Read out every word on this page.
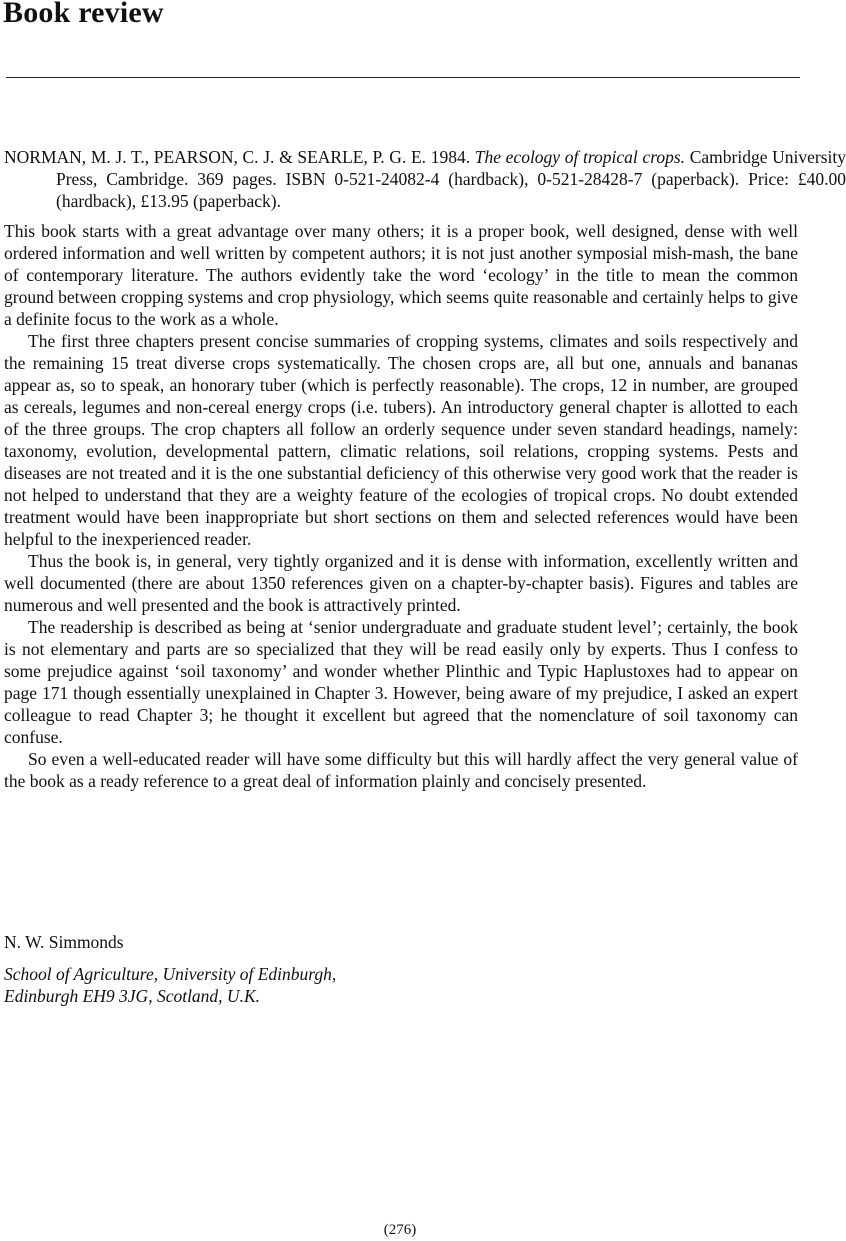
Book review

NORMAN, M. J. T., PEARSON, C. J. & SEARLE, P. G. E. 1984. The ecology of tropical crops. Cambridge University Press, Cambridge. 369 pages. ISBN 0-521-24082-4 (hardback), 0-521-28428-7 (paperback). Price: £40.00 (hardback), £13.95 (paperback).

This book starts with a great advantage over many others; it is a proper book, well designed, dense with well ordered information and well written by competent authors; it is not just another symposial mish-mash, the bane of contemporary literature. The authors evidently take the word ‘ecology’ in the title to mean the common ground between cropping systems and crop physiology, which seems quite reasonable and certainly helps to give a definite focus to the work as a whole.

The first three chapters present concise summaries of cropping systems, climates and soils respectively and the remaining 15 treat diverse crops systematically. The chosen crops are, all but one, annuals and bananas appear as, so to speak, an honorary tuber (which is perfectly reasonable). The crops, 12 in number, are grouped as cereals, legumes and non-cereal energy crops (i.e. tubers). An introductory general chapter is allotted to each of the three groups. The crop chapters all follow an orderly sequence under seven standard headings, namely: taxonomy, evolution, developmental pattern, climatic relations, soil relations, cropping systems. Pests and diseases are not treated and it is the one substantial deficiency of this otherwise very good work that the reader is not helped to understand that they are a weighty feature of the ecologies of tropical crops. No doubt extended treatment would have been inappropriate but short sections on them and selected references would have been helpful to the inexperienced reader.

Thus the book is, in general, very tightly organized and it is dense with information, excellently written and well documented (there are about 1350 references given on a chapter-by-chapter basis). Figures and tables are numerous and well presented and the book is attractively printed.

The readership is described as being at ‘senior undergraduate and graduate student level’; certainly, the book is not elementary and parts are so specialized that they will be read easily only by experts. Thus I confess to some prejudice against ‘soil taxonomy’ and wonder whether Plinthic and Typic Haplustoxes had to appear on page 171 though essentially unexplained in Chapter 3. However, being aware of my prejudice, I asked an expert colleague to read Chapter 3; he thought it excellent but agreed that the nomenclature of soil taxonomy can confuse.

So even a well-educated reader will have some difficulty but this will hardly affect the very general value of the book as a ready reference to a great deal of information plainly and concisely presented.

N. W. Simmonds

School of Agriculture, University of Edinburgh,
Edinburgh EH9 3JG, Scotland, U.K.

(276)
